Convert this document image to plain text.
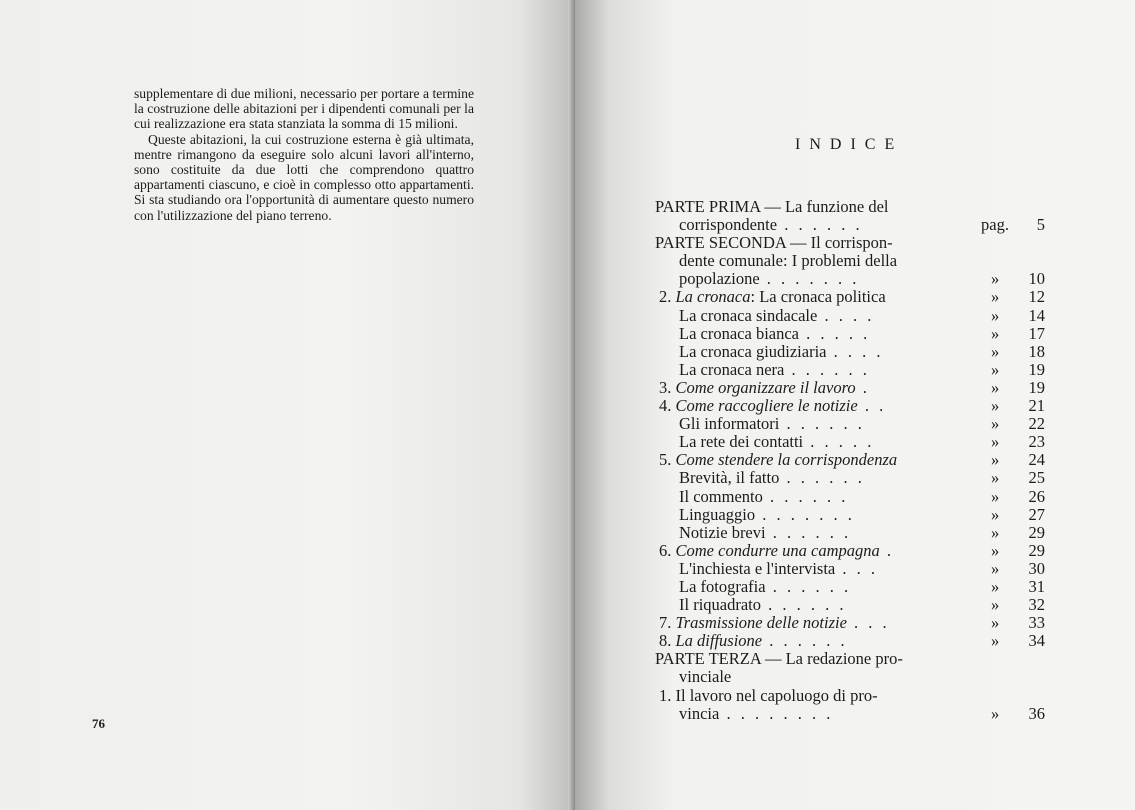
supplementare di due milioni, necessario per portare a termine la costruzione delle abitazioni per i dipendenti comunali per la cui realizzazione era stata stanziata la somma di 15 milioni.

Queste abitazioni, la cui costruzione esterna è già ultimata, mentre rimangono da eseguire solo alcuni lavori all'interno, sono costituite da due lotti che comprendono quattro appartamenti ciascuno, e cioè in complesso otto appartamenti. Si sta studiando ora l'opportunità di aumentare questo numero con l'utilizzazione del piano terreno.

76
INDICE
PARTE PRIMA — La funzione del
corrispondente . . . . . .	pag. 5
PARTE SECONDA — Il corrispon-
dente comunale: I problemi della
popolazione . . . . . . .	» 10
2. La cronaca: La cronaca politica	» 12
La cronaca sindacale . . . .	» 14
La cronaca bianca . . . . .	» 17
La cronaca giudiziaria . . . .	» 18
La cronaca nera . . . . . .	» 19
3. Come organizzare il lavoro .	» 19
4. Come raccogliere le notizie . .	» 21
Gli informatori . . . . . .	» 22
La rete dei contatti . . . . .	» 23
5. Come stendere la corrispondenza	» 24
Brevità, il fatto . . . . . .	» 25
Il commento . . . . . .	» 26
Linguaggio . . . . . . .	» 27
Notizie brevi . . . . . .	» 29
6. Come condurre una campagna .	» 29
L'inchiesta e l'intervista . . .	» 30
La fotografia . . . . . .	» 31
Il riquadrato . . . . . .	» 32
7. Trasmissione delle notizie . . .	» 33
8. La diffusione . . . . . .	» 34
PARTE TERZA — La redazione pro-
vinciale
1. Il lavoro nel capoluogo di pro-
vincia . . . . . . . .	» 36
